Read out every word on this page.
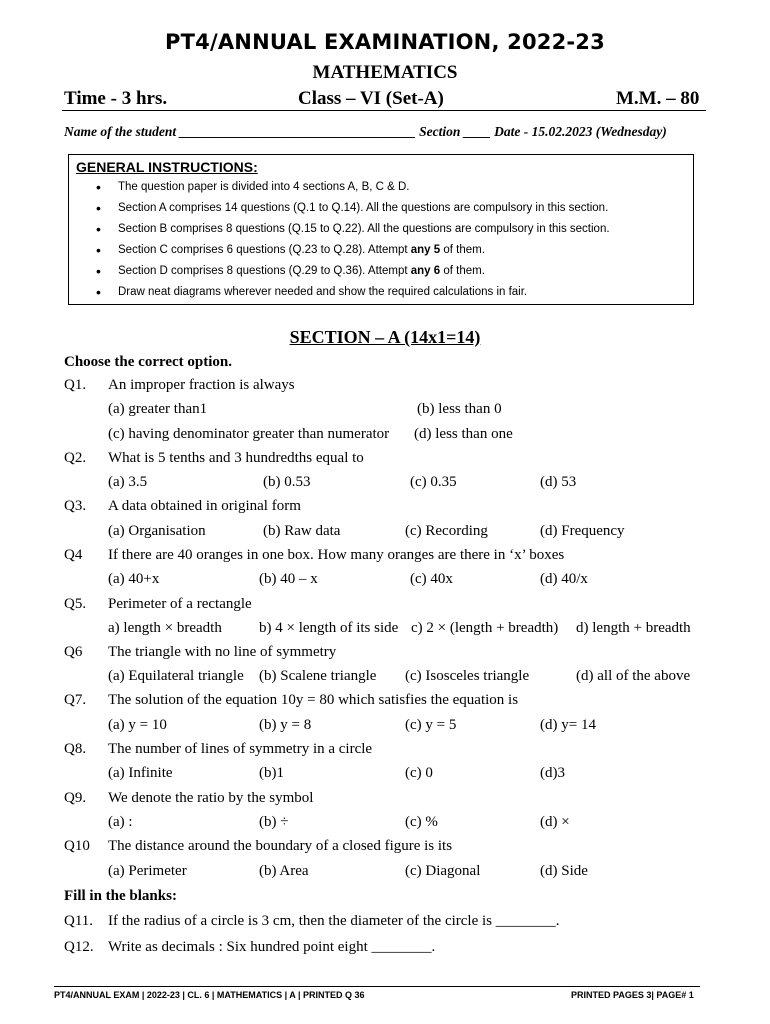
PT4/ANNUAL EXAMINATION, 2022-23
MATHEMATICS
Time - 3 hrs.	Class – VI (Set-A)	M.M. – 80
Name of the student ___________________________________ Section ____ Date - 15.02.2023 (Wednesday)
GENERAL INSTRUCTIONS:
• The question paper is divided into 4 sections A, B, C & D.
• Section A comprises 14 questions (Q.1 to Q.14). All the questions are compulsory in this section.
• Section B comprises 8 questions (Q.15 to Q.22). All the questions are compulsory in this section.
• Section C comprises 6 questions (Q.23 to Q.28). Attempt any 5 of them.
• Section D comprises 8 questions (Q.29 to Q.36). Attempt any 6 of them.
• Draw neat diagrams wherever needed and show the required calculations in fair.
SECTION – A (14x1=14)
Choose the correct option.
Q1. An improper fraction is always
(a) greater than1	(b) less than 0
(c) having denominator greater than numerator (d) less than one
Q2. What is 5 tenths and 3 hundredths equal to
(a) 3.5	(b) 0.53	(c) 0.35	(d) 53
Q3. A data obtained in original form
(a) Organisation	(b) Raw data	(c) Recording	(d) Frequency
Q4 If there are 40 oranges in one box. How many oranges are there in ‘x’ boxes
(a) 40+x	(b) 40 – x	(c) 40x	(d) 40/x
Q5. Perimeter of a rectangle
a) length × breadth b) 4 × length of its side c) 2 × (length + breadth) d) length + breadth
Q6 The triangle with no line of symmetry
(a) Equilateral triangle (b) Scalene triangle (c) Isosceles triangle	(d) all of the above
Q7. The solution of the equation 10y = 80 which satisfies the equation is
(a) y = 10	(b) y = 8	(c) y = 5	(d) y= 14
Q8. The number of lines of symmetry in a circle
(a) Infinite	(b)1	(c) 0	(d)3
Q9. We denote the ratio by the symbol
(a) :	(b) ÷	(c) %	(d) ×
Q10 The distance around the boundary of a closed figure is its
(a) Perimeter	(b) Area	(c) Diagonal	(d) Side
Fill in the blanks:
Q11. If the radius of a circle is 3 cm, then the diameter of the circle is ________.
Q12. Write as decimals : Six hundred point eight ________.
PT4/ANNUAL EXAM | 2022-23 | CL. 6 | MATHEMATICS | A | PRINTED Q 36	PRINTED PAGES 3| PAGE# 1
